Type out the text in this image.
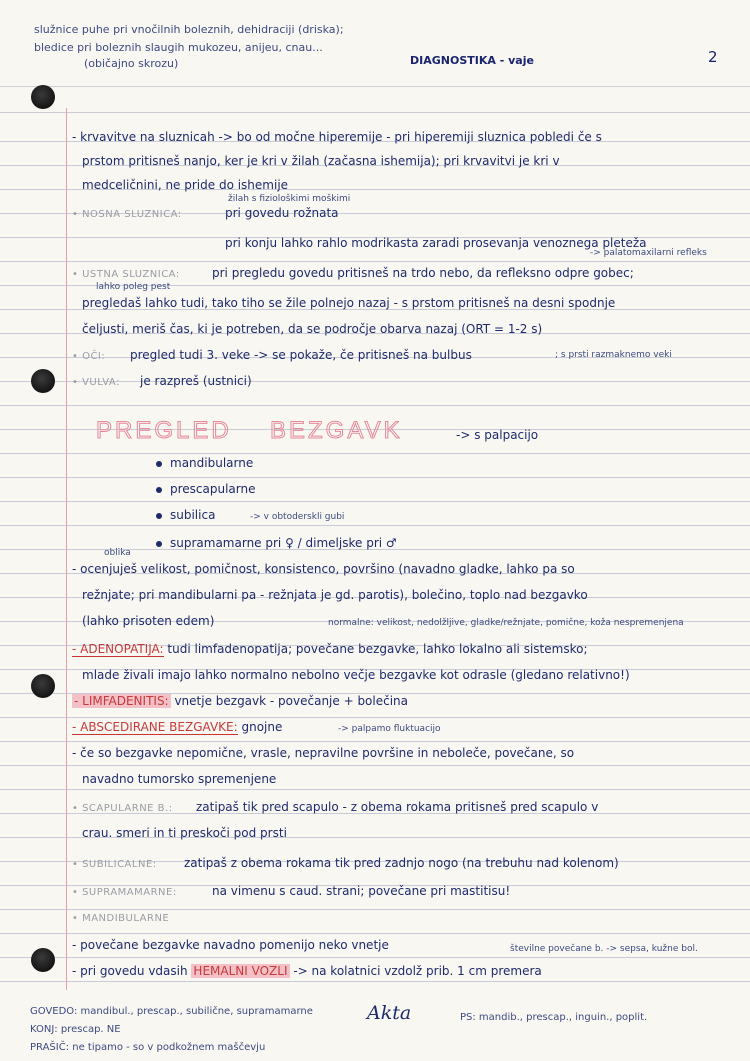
služnice puhe pri vnočilnih boleznih, dehidraciji (driska);
bledice pri boleznih slaugih mukozeu, anijeu, cnau...
(običajno skrozu)	DIAGNOSTIKA - vaje	2
- krvavitve na sluznicah -> bo od močne hiperemije - pri hiperemiji sluznica pobledi če s
prstom pritisneš nanjo, ker je kri v žilah (začasna ishemija); pri krvavitvi je kri v
medceličnini, ne pride do ishemije
žilah s fiziološkimi moškimi
• NOSNA SLUZNICA:	pri govedu rožnata
pri konju lahko rahlo modrikasta zaradi prosevanja venoznega pleteža
-> palatomaxilarni refleks
• USTNA SLUZNICA:	pri pregledu govedu pritisneš na trdo nebo, da refleksno odpre gobec;
lahko poleg pest
pregledaš lahko tudi, tako tiho se žile polnejo nazaj - s prstom pritisneš na desni spodnje
čeljusti, meriš čas, ki je potreben, da se področje obarva nazaj (ORT = 1-2 s)
• OČI: pregled tudi 3. veke -> se pokaže, če pritisneš na bulbus	; s prsti razmaknemo veki
• VULVA: je razpreš (ustnici)
PREGLED BEZGAVK	-> s palpacijo
mandibularne
prescapularne
subilica	-> v obtoderskli gubi
supramamarne pri ♀ / dimeljske pri ♂
oblika
- ocenjuješ velikost, pomičnost, konsistenco, površino (navadno gladke, lahko pa so
režnjate; pri mandibularni pa - režnjata je gd. parotis), bolečino, toplo nad bezgavko
(lahko prisoten edem)	normalne: velikost, nedolžljive, gladke/režnjate, pomične, koža nespremenjena
- ADENOPATIJA: tudi limfadenopatija; povečane bezgavke, lahko lokalno ali sistemsko;
mlade živali imajo lahko normalno nebolno večje bezgavke kot odrasle (gledano relativno!)
- LIMFADENITIS: vnetje bezgavk - povečanje + bolečina
- ABSCEDIRANE BEZGAVKE: gnojne	-> palpamo fluktuacijo
- če so bezgavke nepomične, vrasle, nepravilne površine in neboleče, povečane, so
navadno tumorsko spremenjene
• SCAPULARNE B.: zatipaš tik pred scapulo - z obema rokama pritisneš pred scapulo v
crau. smeri in ti preskoči pod prsti
• SUBILICALNE: zatipaš z obema rokama tik pred zadnjo nogo (na trebuhu nad kolenom)
• SUPRAMAMARNE:	na vimenu s caud. strani; povečane pri mastitisu!
• MANDIBULARNE
- povečane bezgavke navadno pomenijo neko vnetje	številne povečane b. -> sepsa, kužne bol.
- pri govedu vdasih HEMALNI VOZLI -> na kolatnici vzdolž prib. 1 cm premera
GOVEDO: mandibul., prescap., subilične, supramamarne
KONJ: prescap. NE
PRAŠIČ: ne tipamo - so v podkožnem maščevju
Akta	PS: mandib., prescap., inguin., poplit.
